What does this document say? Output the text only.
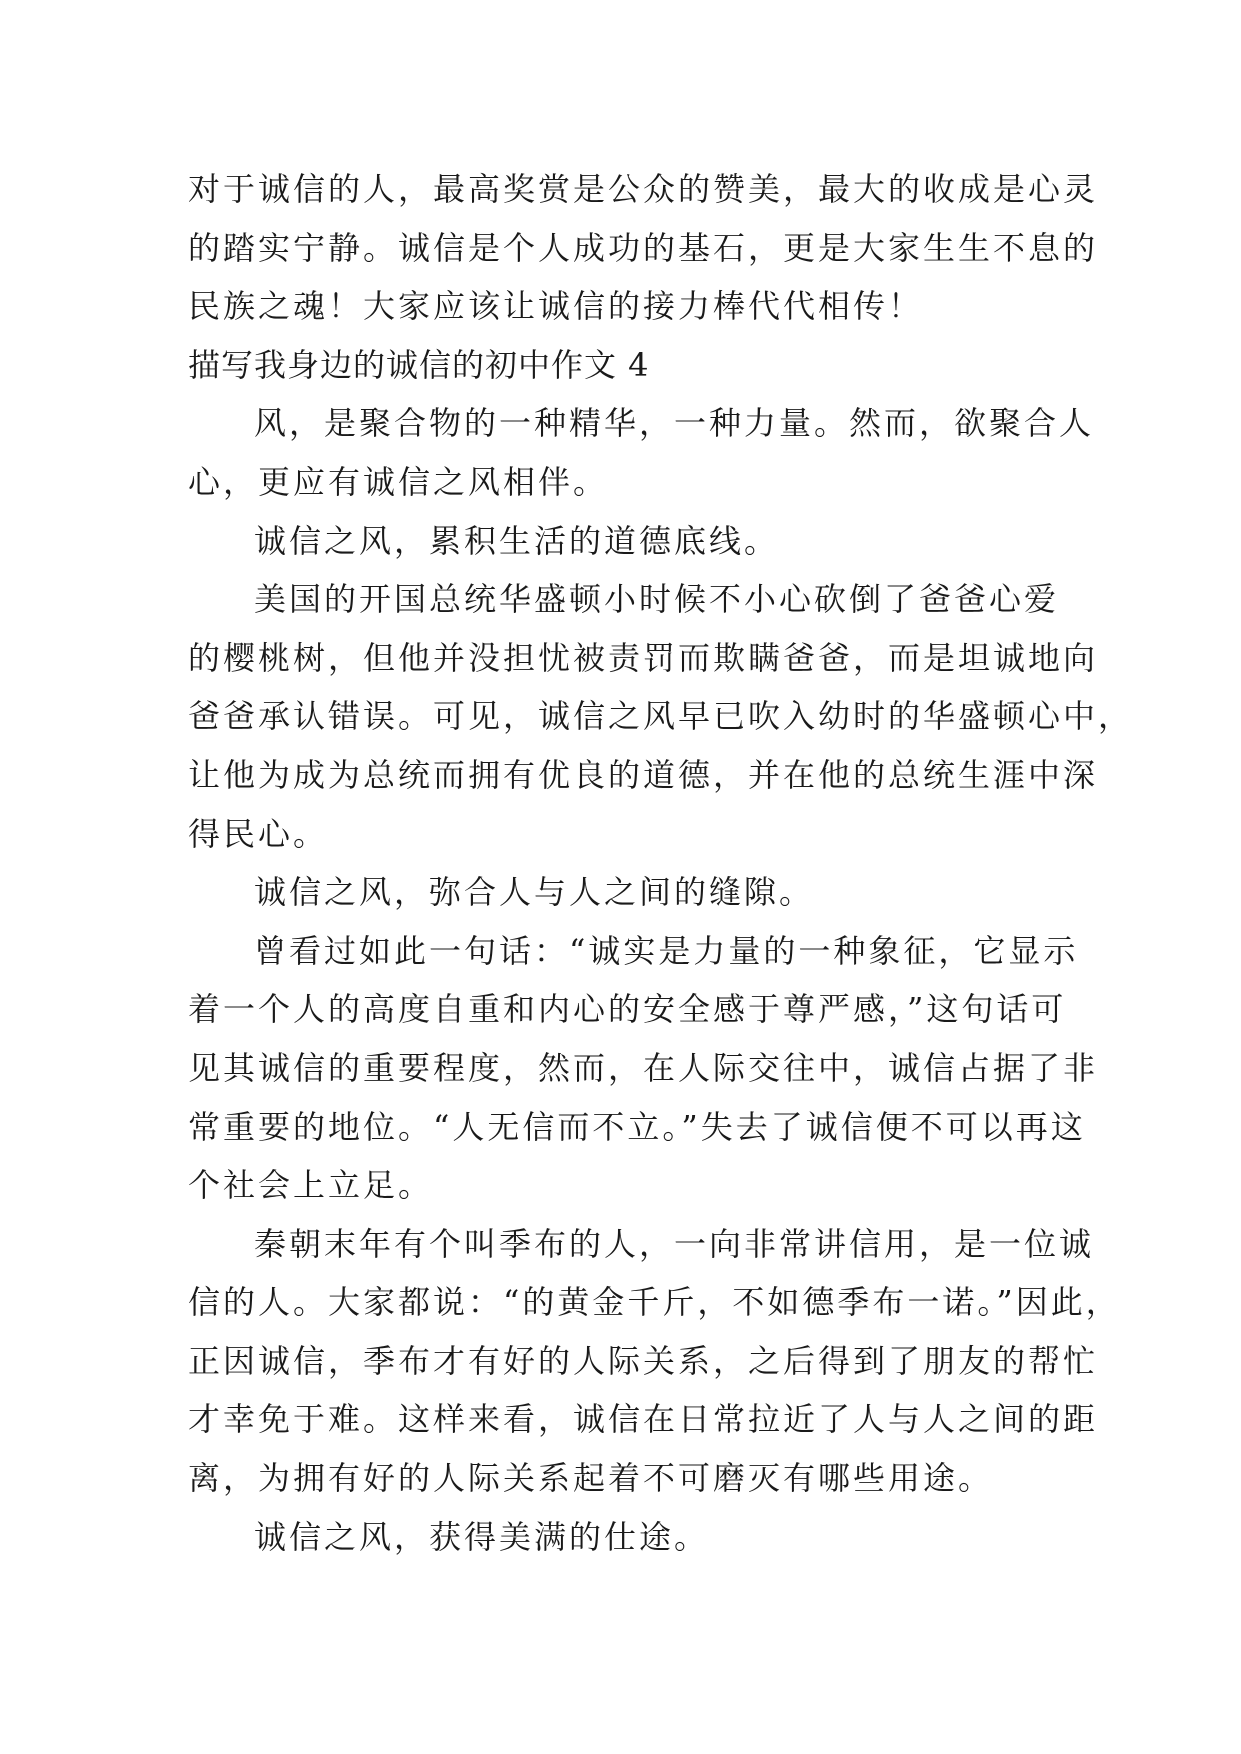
对于诚信的人，最高奖赏是公众的赞美，最大的收成是心灵
的踏实宁静。诚信是个人成功的基石，更是大家生生不息的
民族之魂！大家应该让诚信的接力棒代代相传！
描写我身边的诚信的初中作文 4
风，是聚合物的一种精华，一种力量。然而，欲聚合人
心，更应有诚信之风相伴。
诚信之风，累积生活的道德底线。
美国的开国总统华盛顿小时候不小心砍倒了爸爸心爱
的樱桃树，但他并没担忧被责罚而欺瞒爸爸，而是坦诚地向
爸爸承认错误。可见，诚信之风早已吹入幼时的华盛顿心中，
让他为成为总统而拥有优良的道德，并在他的总统生涯中深
得民心。
诚信之风，弥合人与人之间的缝隙。
曾看过如此一句话：“诚实是力量的一种象征，它显示
着一个人的高度自重和内心的安全感于尊严感，”这句话可
见其诚信的重要程度，然而，在人际交往中，诚信占据了非
常重要的地位。“人无信而不立。”失去了诚信便不可以再这
个社会上立足。
秦朝末年有个叫季布的人，一向非常讲信用，是一位诚
信的人。大家都说：“的黄金千斤，不如德季布一诺。”因此，
正因诚信，季布才有好的人际关系，之后得到了朋友的帮忙
才幸免于难。这样来看，诚信在日常拉近了人与人之间的距
离，为拥有好的人际关系起着不可磨灭有哪些用途。
诚信之风，获得美满的仕途。
